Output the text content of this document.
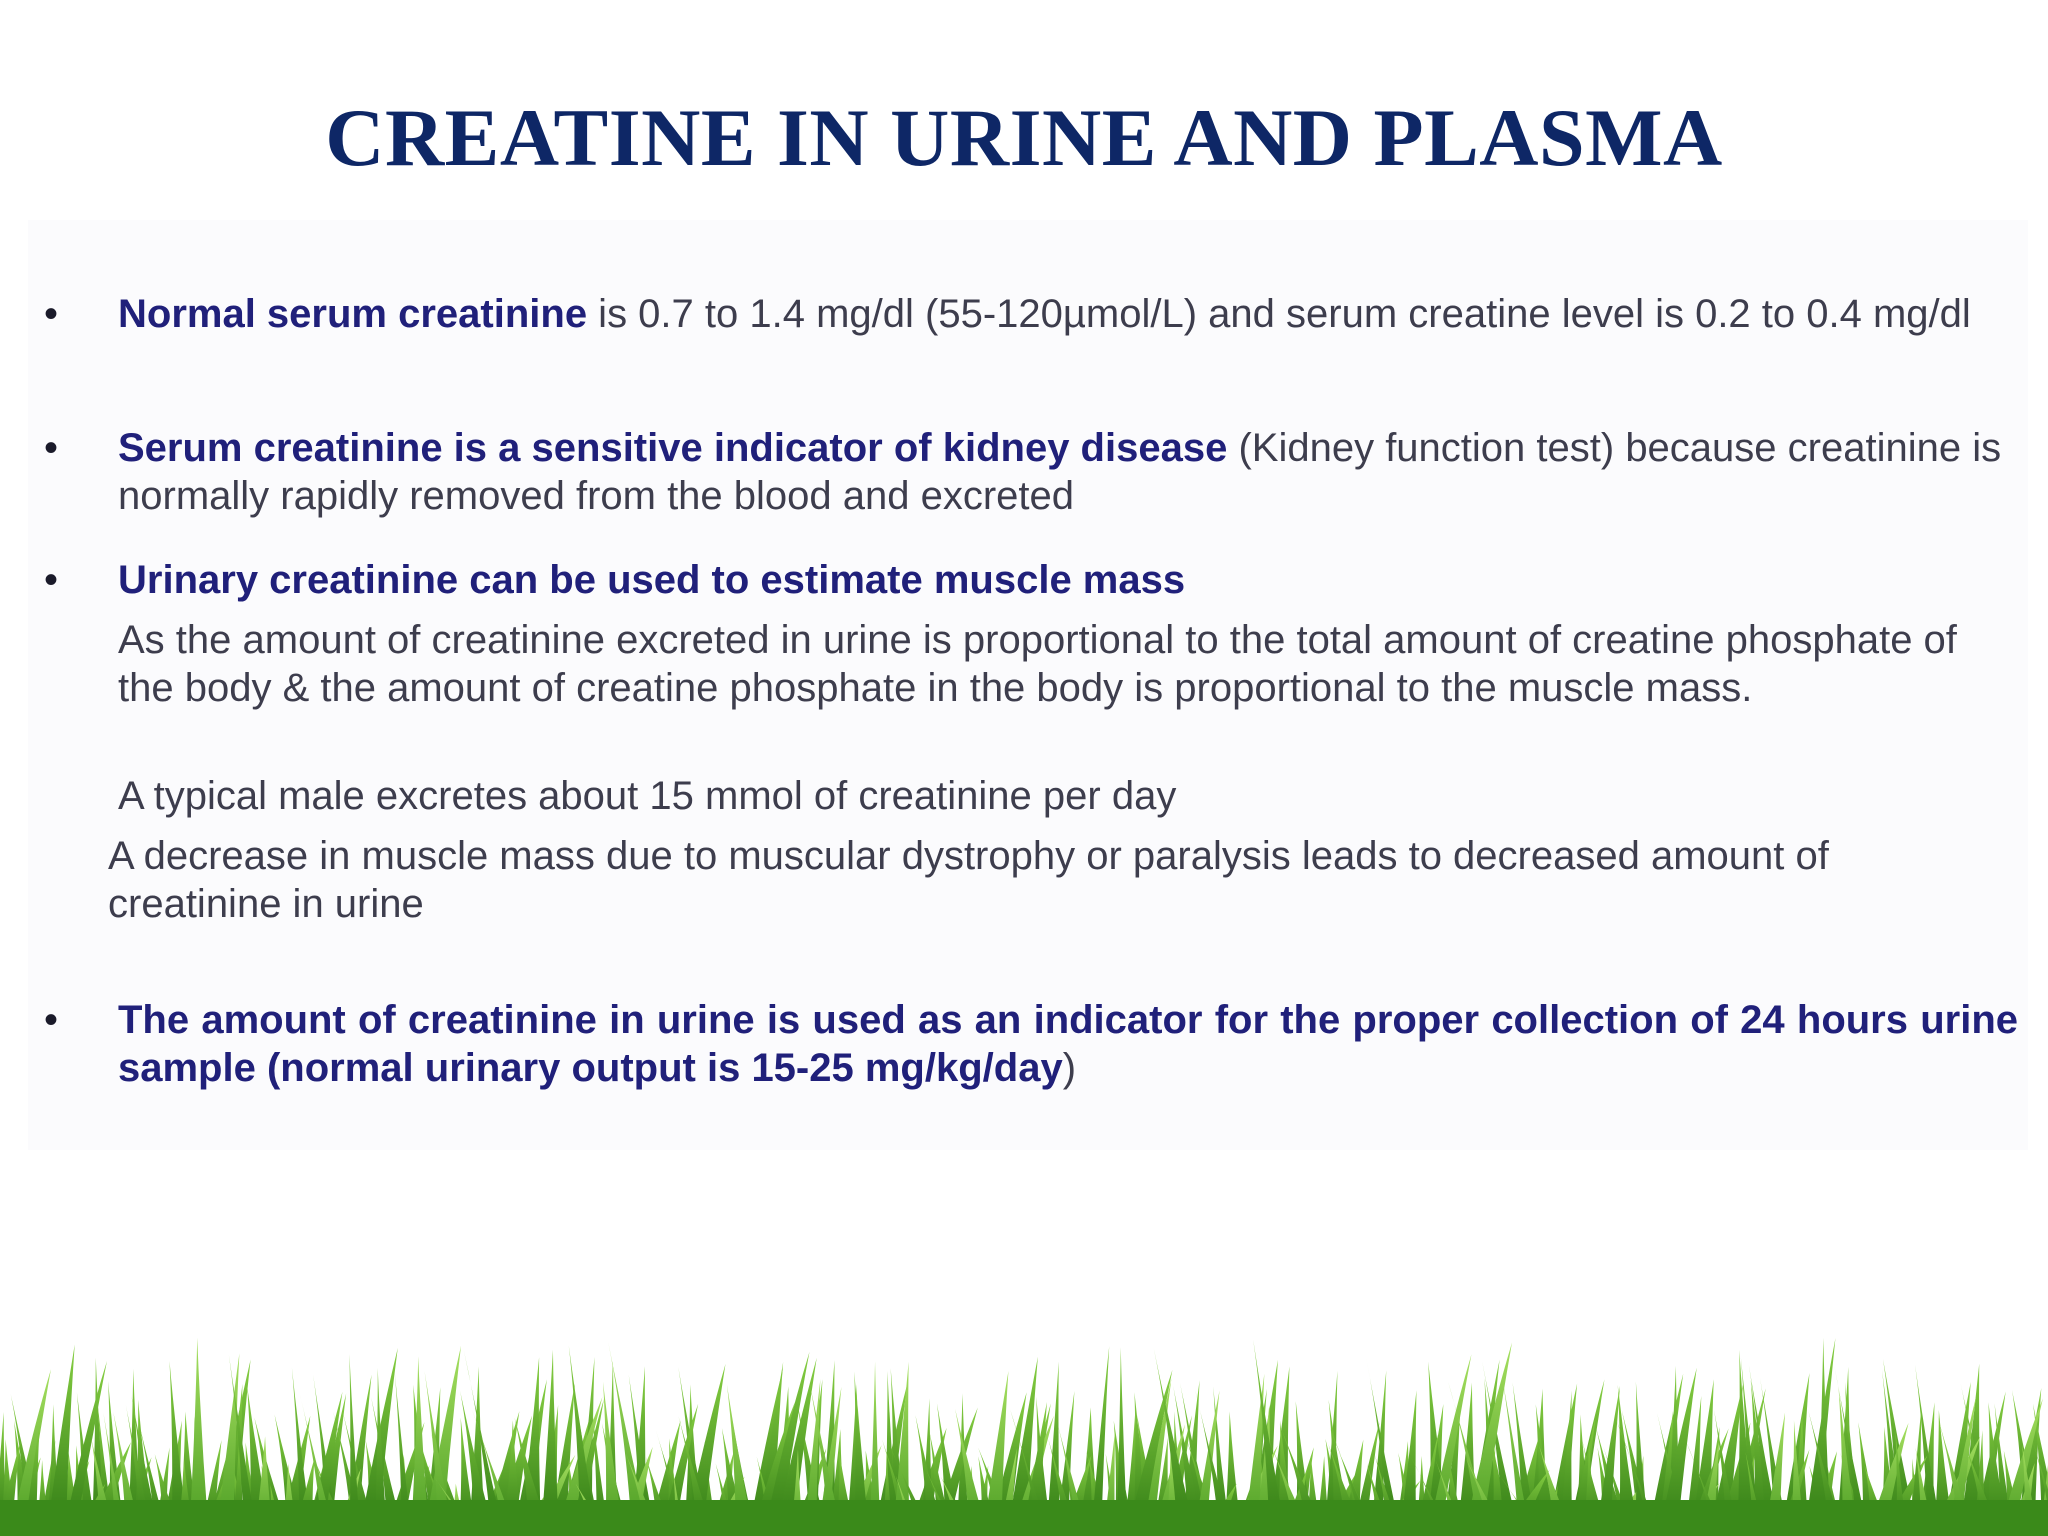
CREATINE IN URINE AND PLASMA
• Normal serum creatinine is 0.7 to 1.4 mg/dl (55-120µmol/L) and serum creatine level is 0.2 to 0.4 mg/dl
• Serum creatinine is a sensitive indicator of kidney disease (Kidney function test) because creatinine is normally rapidly removed from the blood and excreted
• Urinary creatinine can be used to estimate muscle mass
As the amount of creatinine excreted in urine is proportional to the total amount of creatine phosphate of the body & the amount of creatine phosphate in the body is proportional to the muscle mass.
A typical male excretes about 15 mmol of creatinine per day
A decrease in muscle mass due to muscular dystrophy or paralysis leads to decreased amount of creatinine in urine
• The amount of creatinine in urine is used as an indicator for the proper collection of 24 hours urine sample (normal urinary output is 15-25 mg/kg/day)
